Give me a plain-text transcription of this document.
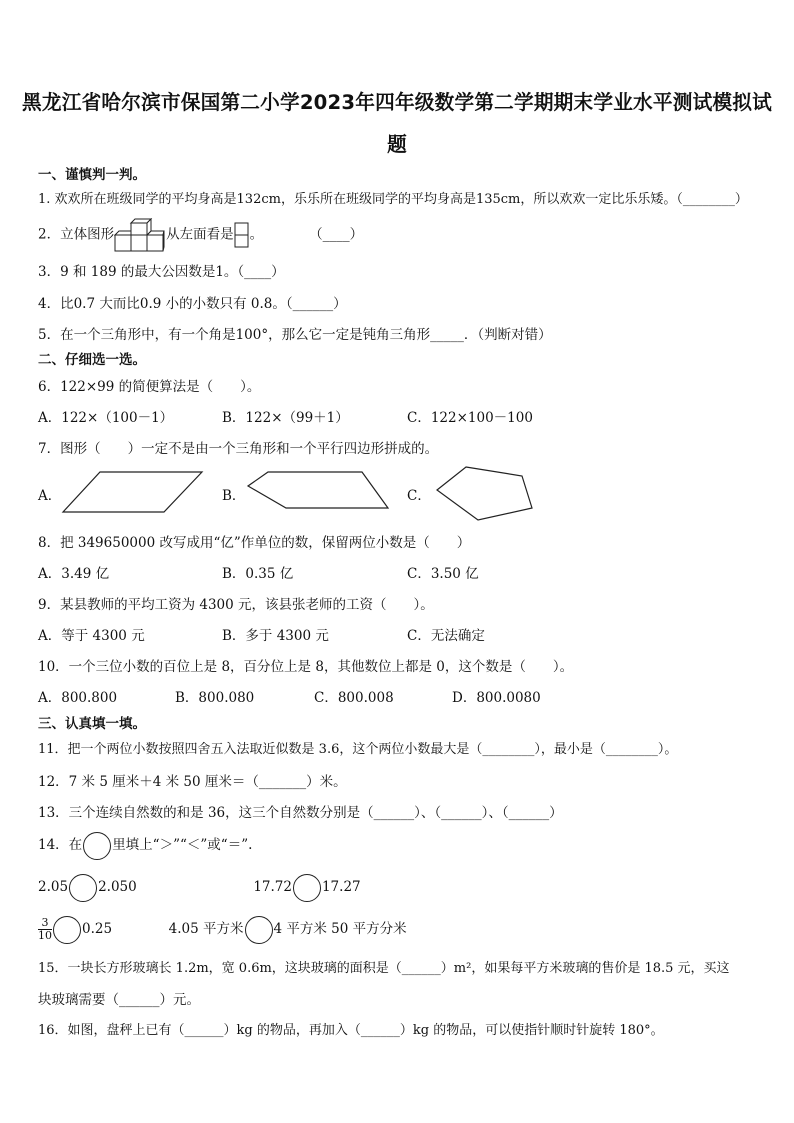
黑龙江省哈尔滨市保国第二小学2023年四年级数学第二学期期末学业水平测试模拟试
题
一、谨慎判一判。
1. 欢欢所在班级同学的平均身高是132cm，乐乐所在班级同学的平均身高是135cm，所以欢欢一定比乐乐矮。（________）
2．立体图形	从左面看是 。	（____）
3．9 和 189 的最大公因数是1。（____）
4．比0.7 大而比0.9 小的小数只有 0.8。（______）
5．在一个三角形中，有一个角是100°，那么它一定是钝角三角形_____．（判断对错）
二、仔细选一选。
6．122×99 的简便算法是（　　）。
A．122×（100－1）	B．122×（99＋1）	C．122×100－100
7．图形（　　）一定不是由一个三角形和一个平行四边形拼成的。
A．	B．	C．
8．把 349650000 改写成用“亿”作单位的数，保留两位小数是（　　）
A．3.49 亿	B．0.35 亿	C．3.50 亿
9．某县教师的平均工资为 4300 元，该县张老师的工资（　　）。
A．等于 4300 元	B．多于 4300 元	C．无法确定
10．一个三位小数的百位上是 8，百分位上是 8，其他数位上都是 0，这个数是（　　）。
A．800.800	B．800.080	C．800.008	D．800.0080
三、认真填一填。
11．把一个两位小数按照四舍五入法取近似数是 3.6，这个两位小数最大是（________），最小是（________）。
12．7 米 5 厘米＋4 米 50 厘米＝（_______）米。
13．三个连续自然数的和是 36，这三个自然数分别是（______）、（______）、（______）
14．在 里填上“＞”“＜”或“＝”.
2.05 2.050	17.72 17.27
$\frac{3}{10} 0.25$	4.05 平方米 4 平方米 50 平方分米
15．一块长方形玻璃长 1.2m，宽 0.6m，这块玻璃的面积是（______）m²，如果每平方米玻璃的售价是 18.5 元，买这
块玻璃需要（______）元。
16．如图，盘秤上已有（______）kg 的物品，再加入（______）kg 的物品，可以使指针顺时针旋转 180°。
